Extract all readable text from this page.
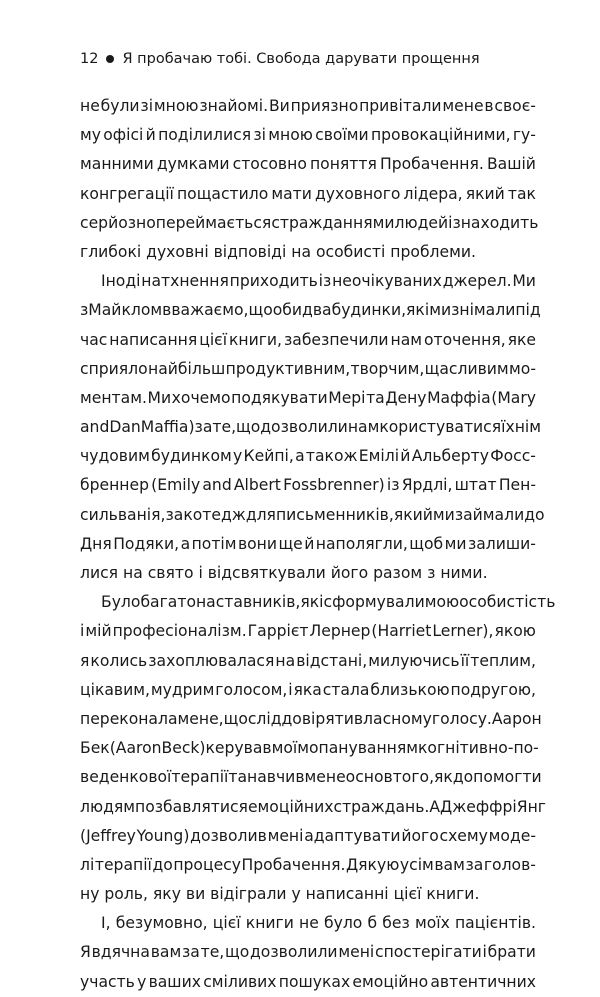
12 Я пробачаю тобі. Свобода дарувати прощення
не були зі мною знайомі. Ви приязно привітали мене в своє-
му офісі й поділилися зі мною своїми провокаційними, гу-
манними думками стосовно поняття Пробачення. Вашій
конгрегації пощастило мати духовного лідера, який так
серйозно переймається стражданнями людей і знаходить
глибокі духовні відповіді на особисті проблеми.
Іноді натхнення приходить із неочікуваних джерел. Ми
з Майклом вважаємо, що обидва будинки, які ми знімали під
час написання цієї книги, забезпечили нам оточення, яке
сприяло найбільш продуктивним, творчим, щасливим мо-
ментам. Ми хочемо подякувати Мері та Дену Маффіа (Mary
and Dan Maffia) за те, що дозволили нам користуватися їхнім
чудовим будинком у Кейпі, а також Емілі й Альберту Фосс-
бреннер (Emily and Albert Fossbrenner) із Ярдлі, штат Пен-
сильванія, за котедж для письменників, який ми займали до
Дня Подяки, а потім вони ще й наполягли, щоб ми залиши-
лися на свято і відсвяткували його разом з ними.
Було багато наставників, які сформували мою особистість
і мій професіоналізм. Гаррієт Лернер (Harriet Lerner), якою
я колись захоплювалася на відстані, милуючись її теплим,
цікавим, мудрим голосом, і яка стала близькою подругою,
переконала мене, що слід довіряти власному голосу. Аарон
Бек (Aaron Beck) керував моїм опануванням когнітивно-по-
веденкової терапії та навчив мене основ того, як допомогти
людям позбавлятися емоційних страждань. А Джеффрі Янг
(Jeffrey Young) дозволив мені адаптувати його схему моде-
лі терапії до процесу Пробачення. Дякую усім вам за голов-
ну роль, яку ви відіграли у написанні цієї книги.
І, безумовно, цієї книги не було б без моїх пацієнтів.
Я вдячна вам за те, що дозволили мені спостерігати і брати
участь у ваших сміливих пошуках емоційно автентичних
